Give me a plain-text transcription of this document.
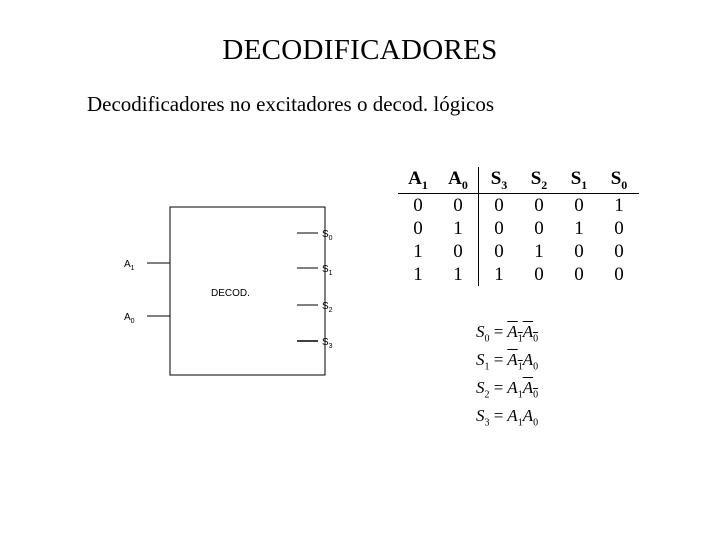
DECODIFICADORES
Decodificadores no excitadores o decod. lógicos
DECOD.
$A_1$
$A_0$
$S_0$
$S_1$
$S_2$
$S_3$
$A_1$	$A_0$	$S_3$	$S_2$	$S_1$	$S_0$
0	0	0	0	0	1
0	1	0	0	1	0
1	0	0	1	0	0
1	1	1	0	0	0
$S_0 = A_1A_0$
$S_1 = A_1A_0$
$S_2 = A_1A_0$
$S_3 = A_1A_0$
